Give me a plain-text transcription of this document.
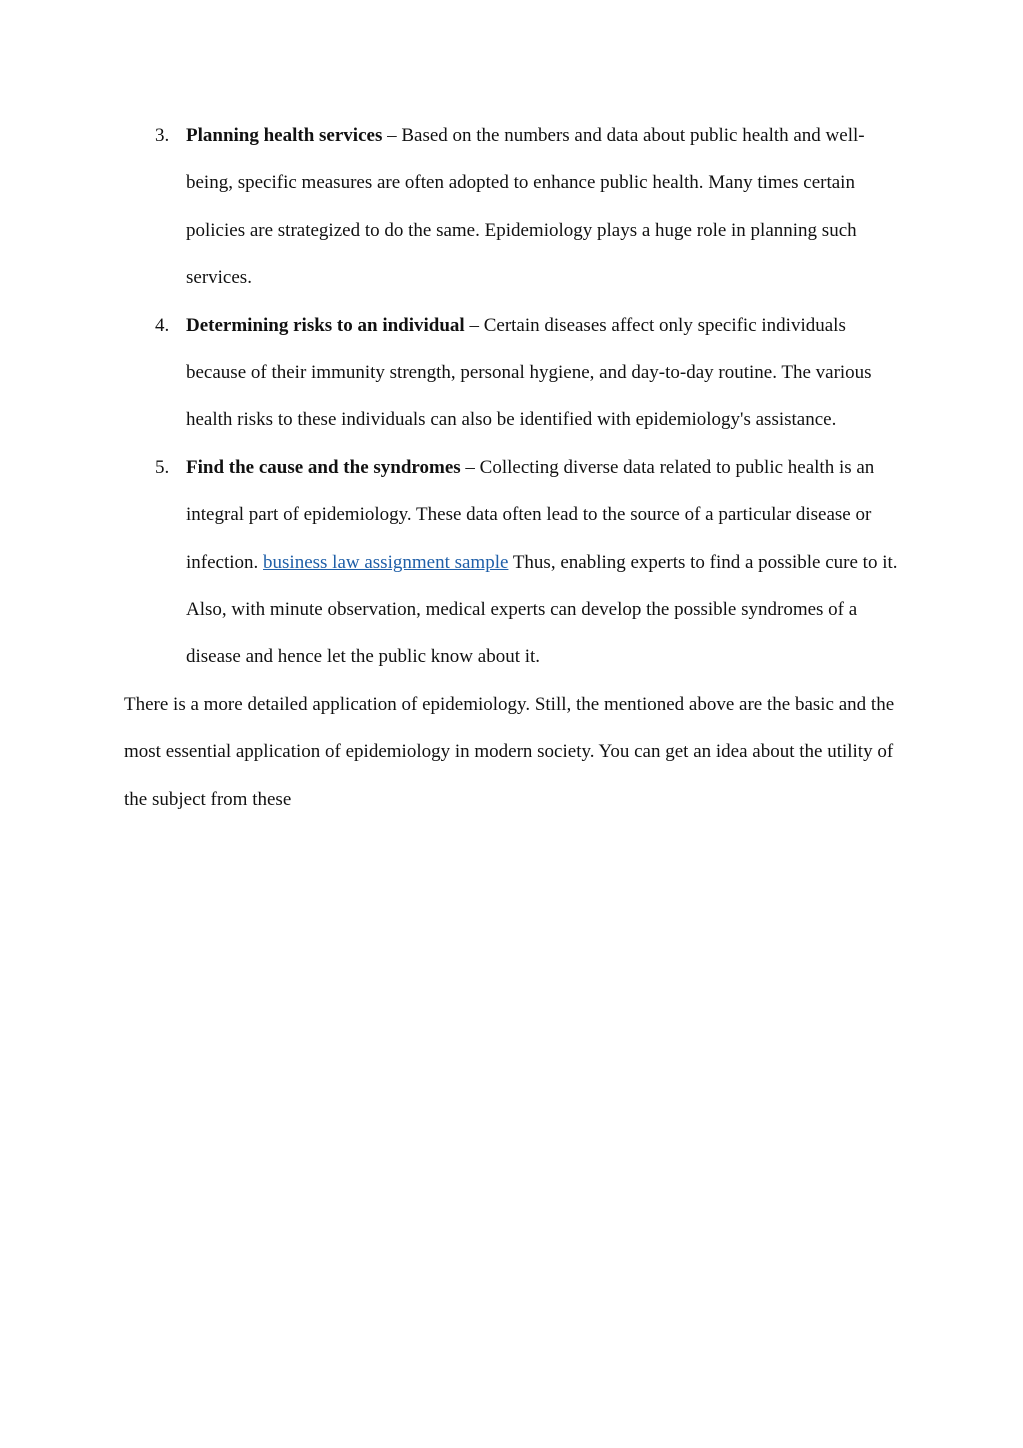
3. Planning health services – Based on the numbers and data about public health and well-being, specific measures are often adopted to enhance public health. Many times certain policies are strategized to do the same. Epidemiology plays a huge role in planning such services.
4. Determining risks to an individual – Certain diseases affect only specific individuals because of their immunity strength, personal hygiene, and day-to-day routine. The various health risks to these individuals can also be identified with epidemiology's assistance.
5. Find the cause and the syndromes – Collecting diverse data related to public health is an integral part of epidemiology. These data often lead to the source of a particular disease or infection. business law assignment sample Thus, enabling experts to find a possible cure to it. Also, with minute observation, medical experts can develop the possible syndromes of a disease and hence let the public know about it.

There is a more detailed application of epidemiology. Still, the mentioned above are the basic and the most essential application of epidemiology in modern society. You can get an idea about the utility of the subject from these
